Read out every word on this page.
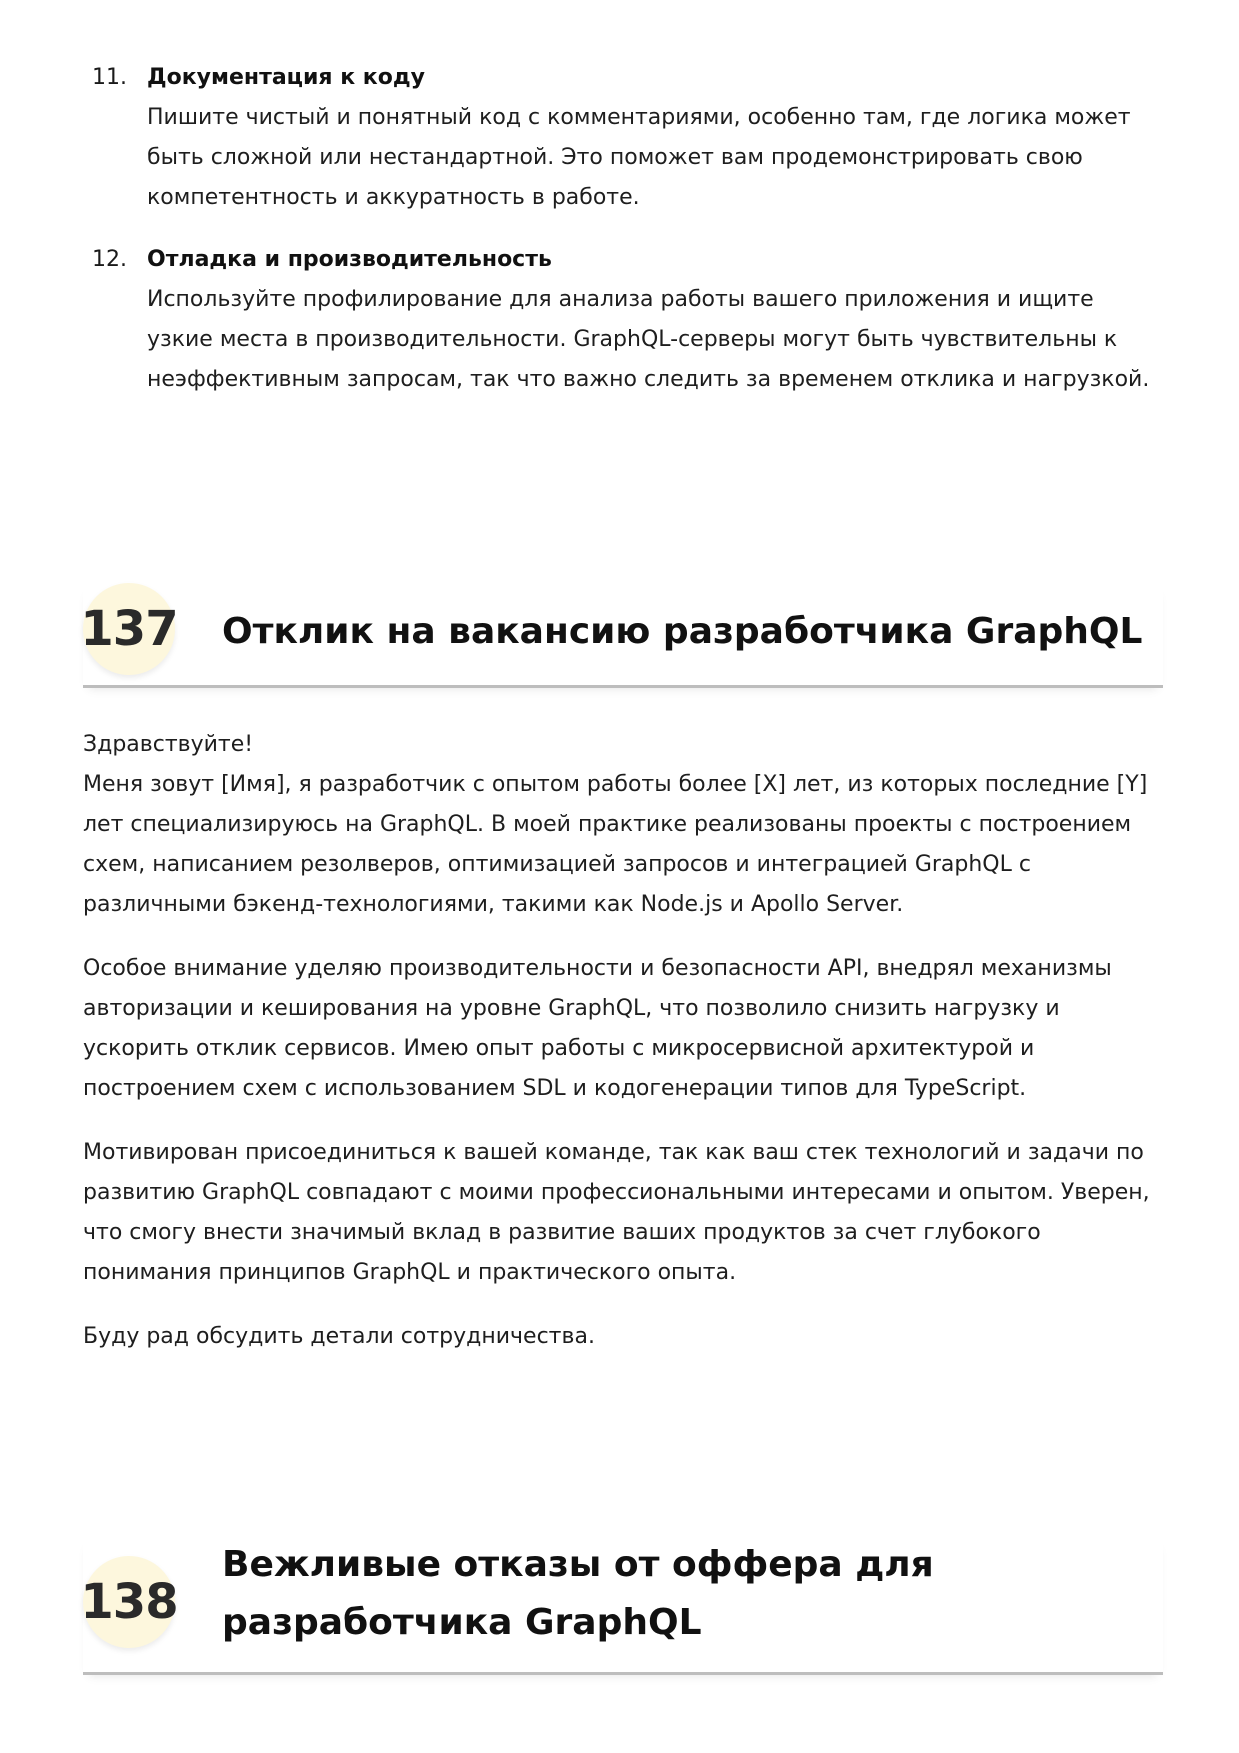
11. Документация к коду
Пишите чистый и понятный код с комментариями, особенно там, где логика может быть сложной или нестандартной. Это поможет вам продемонстрировать свою компетентность и аккуратность в работе.
12. Отладка и производительность
Используйте профилирование для анализа работы вашего приложения и ищите узкие места в производительности. GraphQL-серверы могут быть чувствительны к неэффективным запросам, так что важно следить за временем отклика и нагрузкой.
137	Отклик на вакансию разработчика GraphQL

Здравствуйте!
Меня зовут [Имя], я разработчик с опытом работы более [X] лет, из которых последние [Y] лет специализируюсь на GraphQL. В моей практике реализованы проекты с построением схем, написанием резолверов, оптимизацией запросов и интеграцией GraphQL с различными бэкенд-технологиями, такими как Node.js и Apollo Server.

Особое внимание уделяю производительности и безопасности API, внедрял механизмы авторизации и кеширования на уровне GraphQL, что позволило снизить нагрузку и ускорить отклик сервисов. Имею опыт работы с микросервисной архитектурой и построением схем с использованием SDL и кодогенерации типов для TypeScript.

Мотивирован присоединиться к вашей команде, так как ваш стек технологий и задачи по развитию GraphQL совпадают с моими профессиональными интересами и опытом. Уверен, что смогу внести значимый вклад в развитие ваших продуктов за счет глубокого понимания принципов GraphQL и практического опыта.

Буду рад обсудить детали сотрудничества.

138
Вежливые отказы от оффера для разработчика GraphQL
